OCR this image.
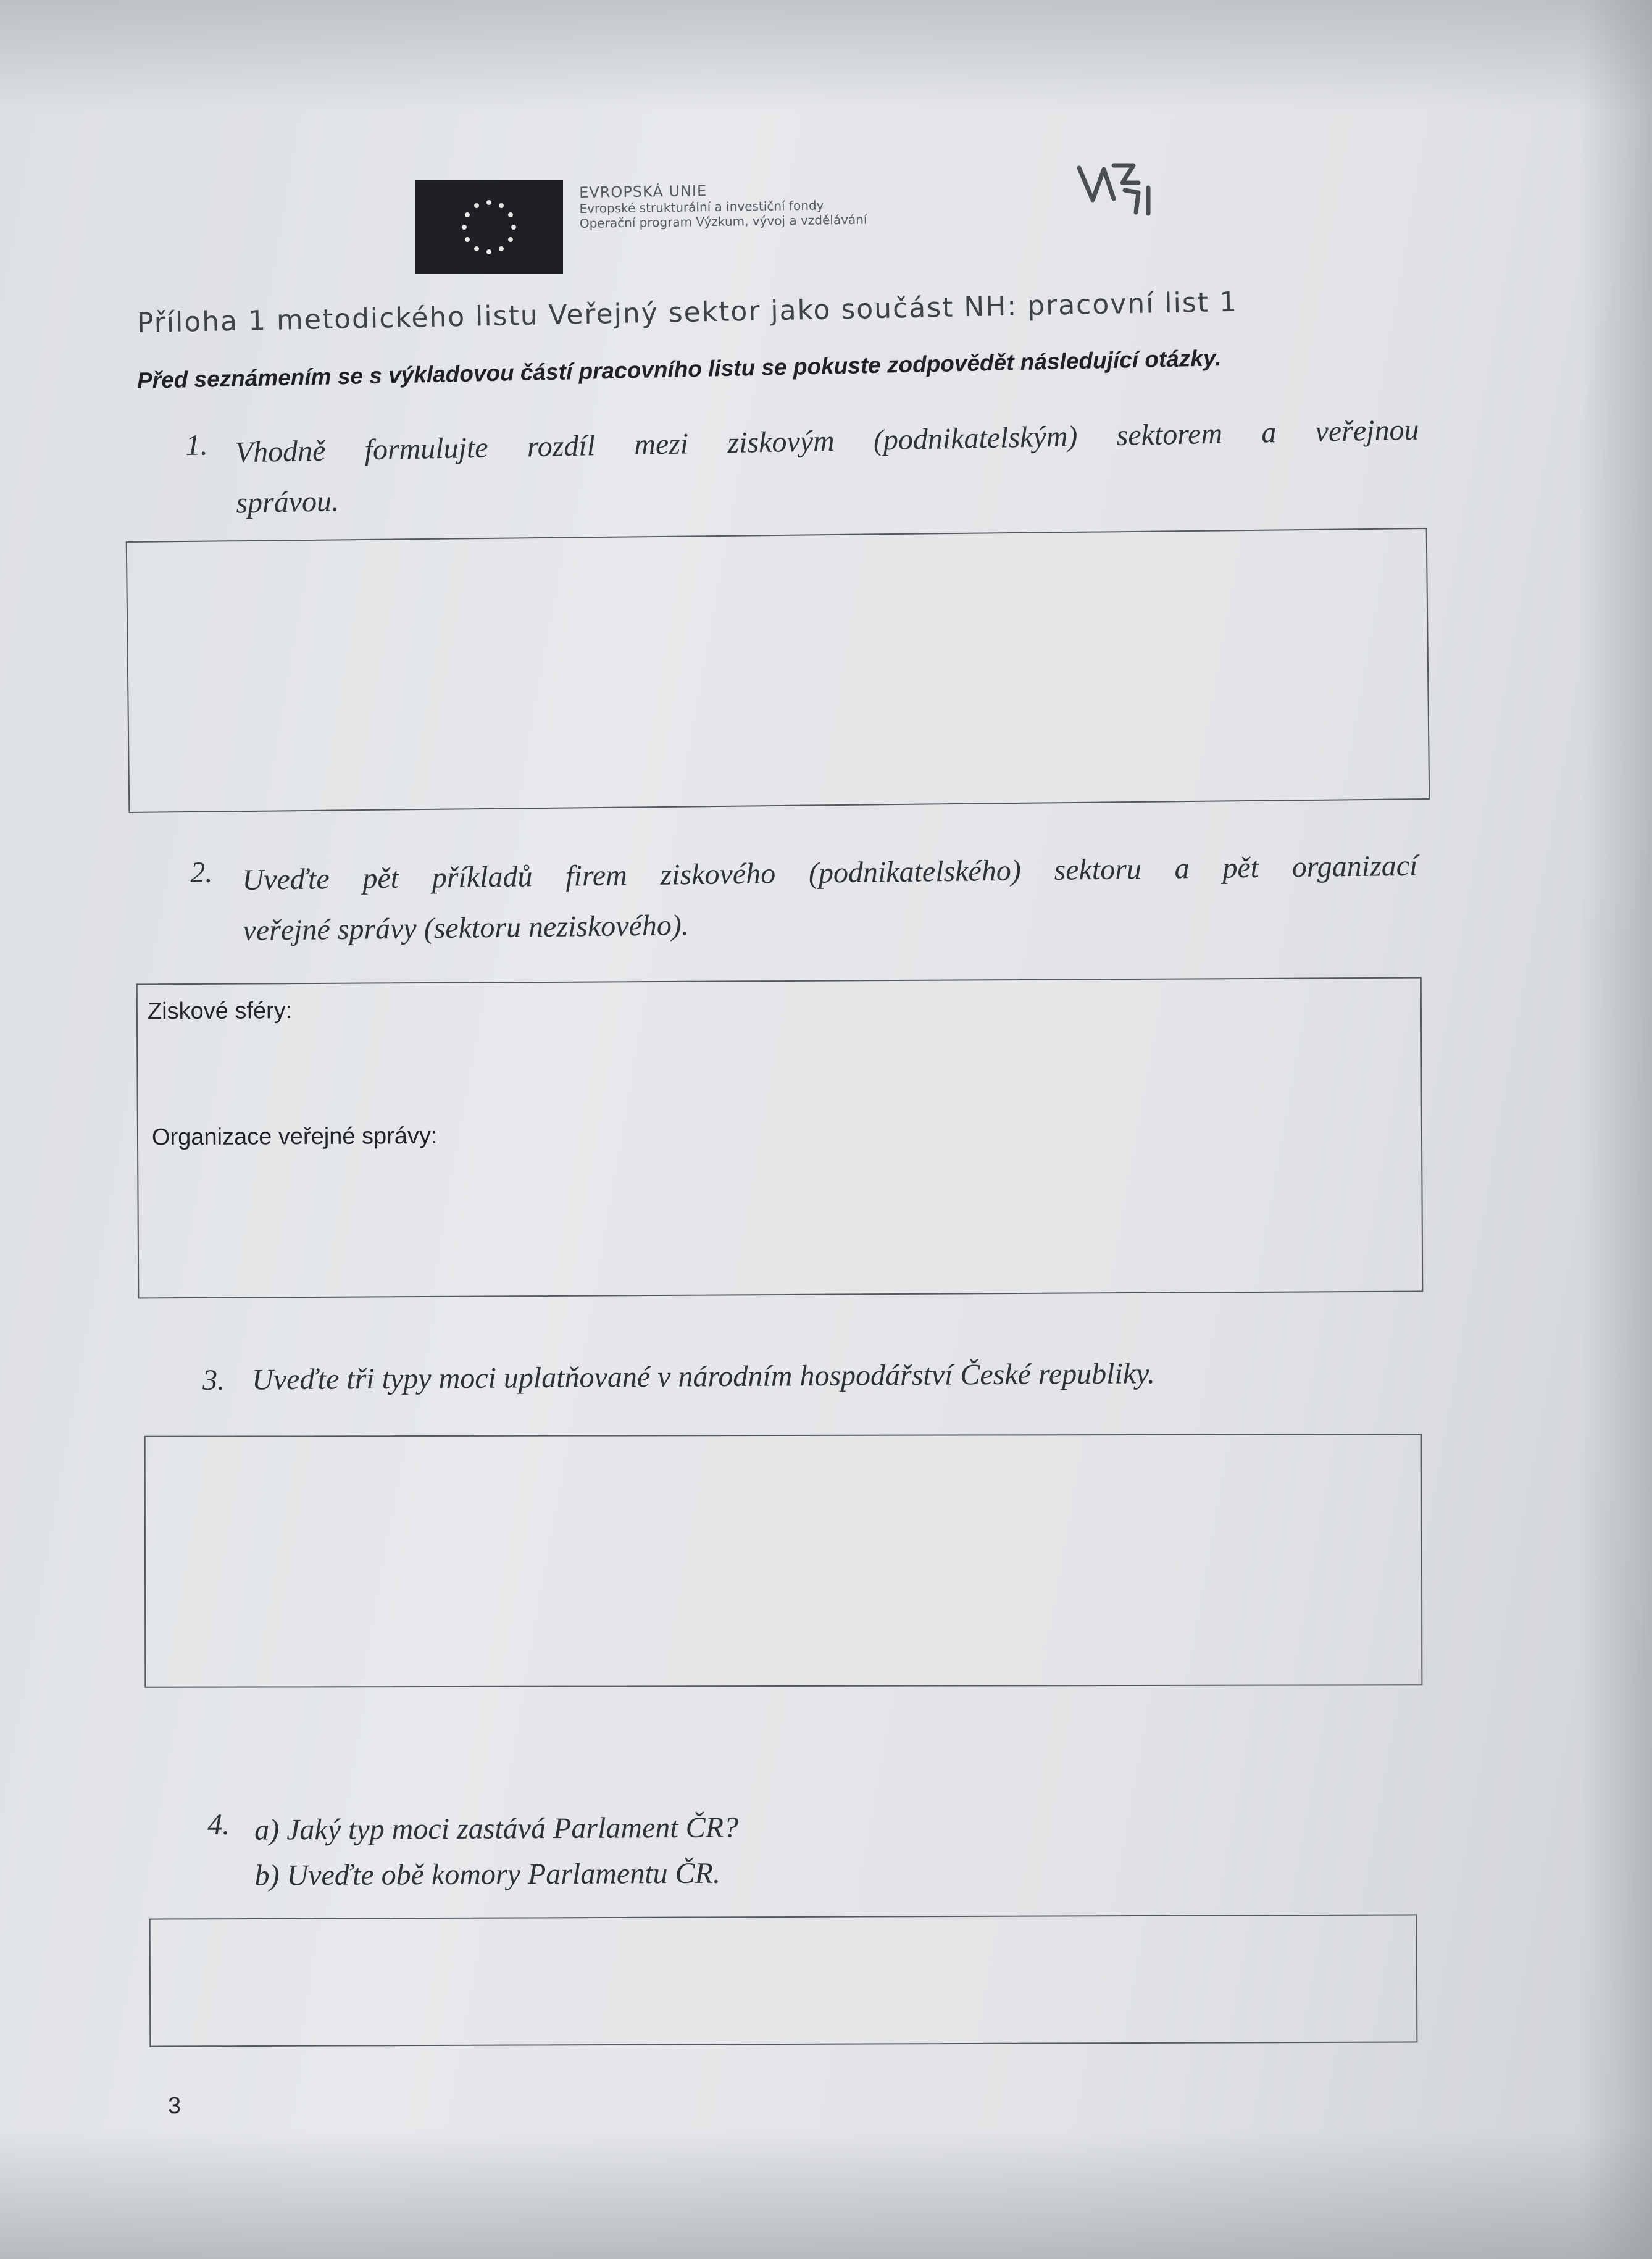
EVROPSKÁ UNIE
Evropské strukturální a investiční fondy
Operační program Výzkum, vývoj a vzdělávání
Příloha 1 metodického listu Veřejný sektor jako součást NH: pracovní list 1
Před seznámením se s výkladovou částí pracovního listu se pokuste zodpovědět následující otázky.
1. Vhodně formulujte rozdíl mezi ziskovým (podnikatelským) sektorem a veřejnou
správou.
2. Uveďte pět příkladů firem ziskového (podnikatelského) sektoru a pět organizací
veřejné správy (sektoru neziskového).
Ziskové sféry:
Organizace veřejné správy:
3. Uveďte tři typy moci uplatňované v národním hospodářství České republiky.
4. a) Jaký typ moci zastává Parlament ČR?
b) Uveďte obě komory Parlamentu ČR.
3
